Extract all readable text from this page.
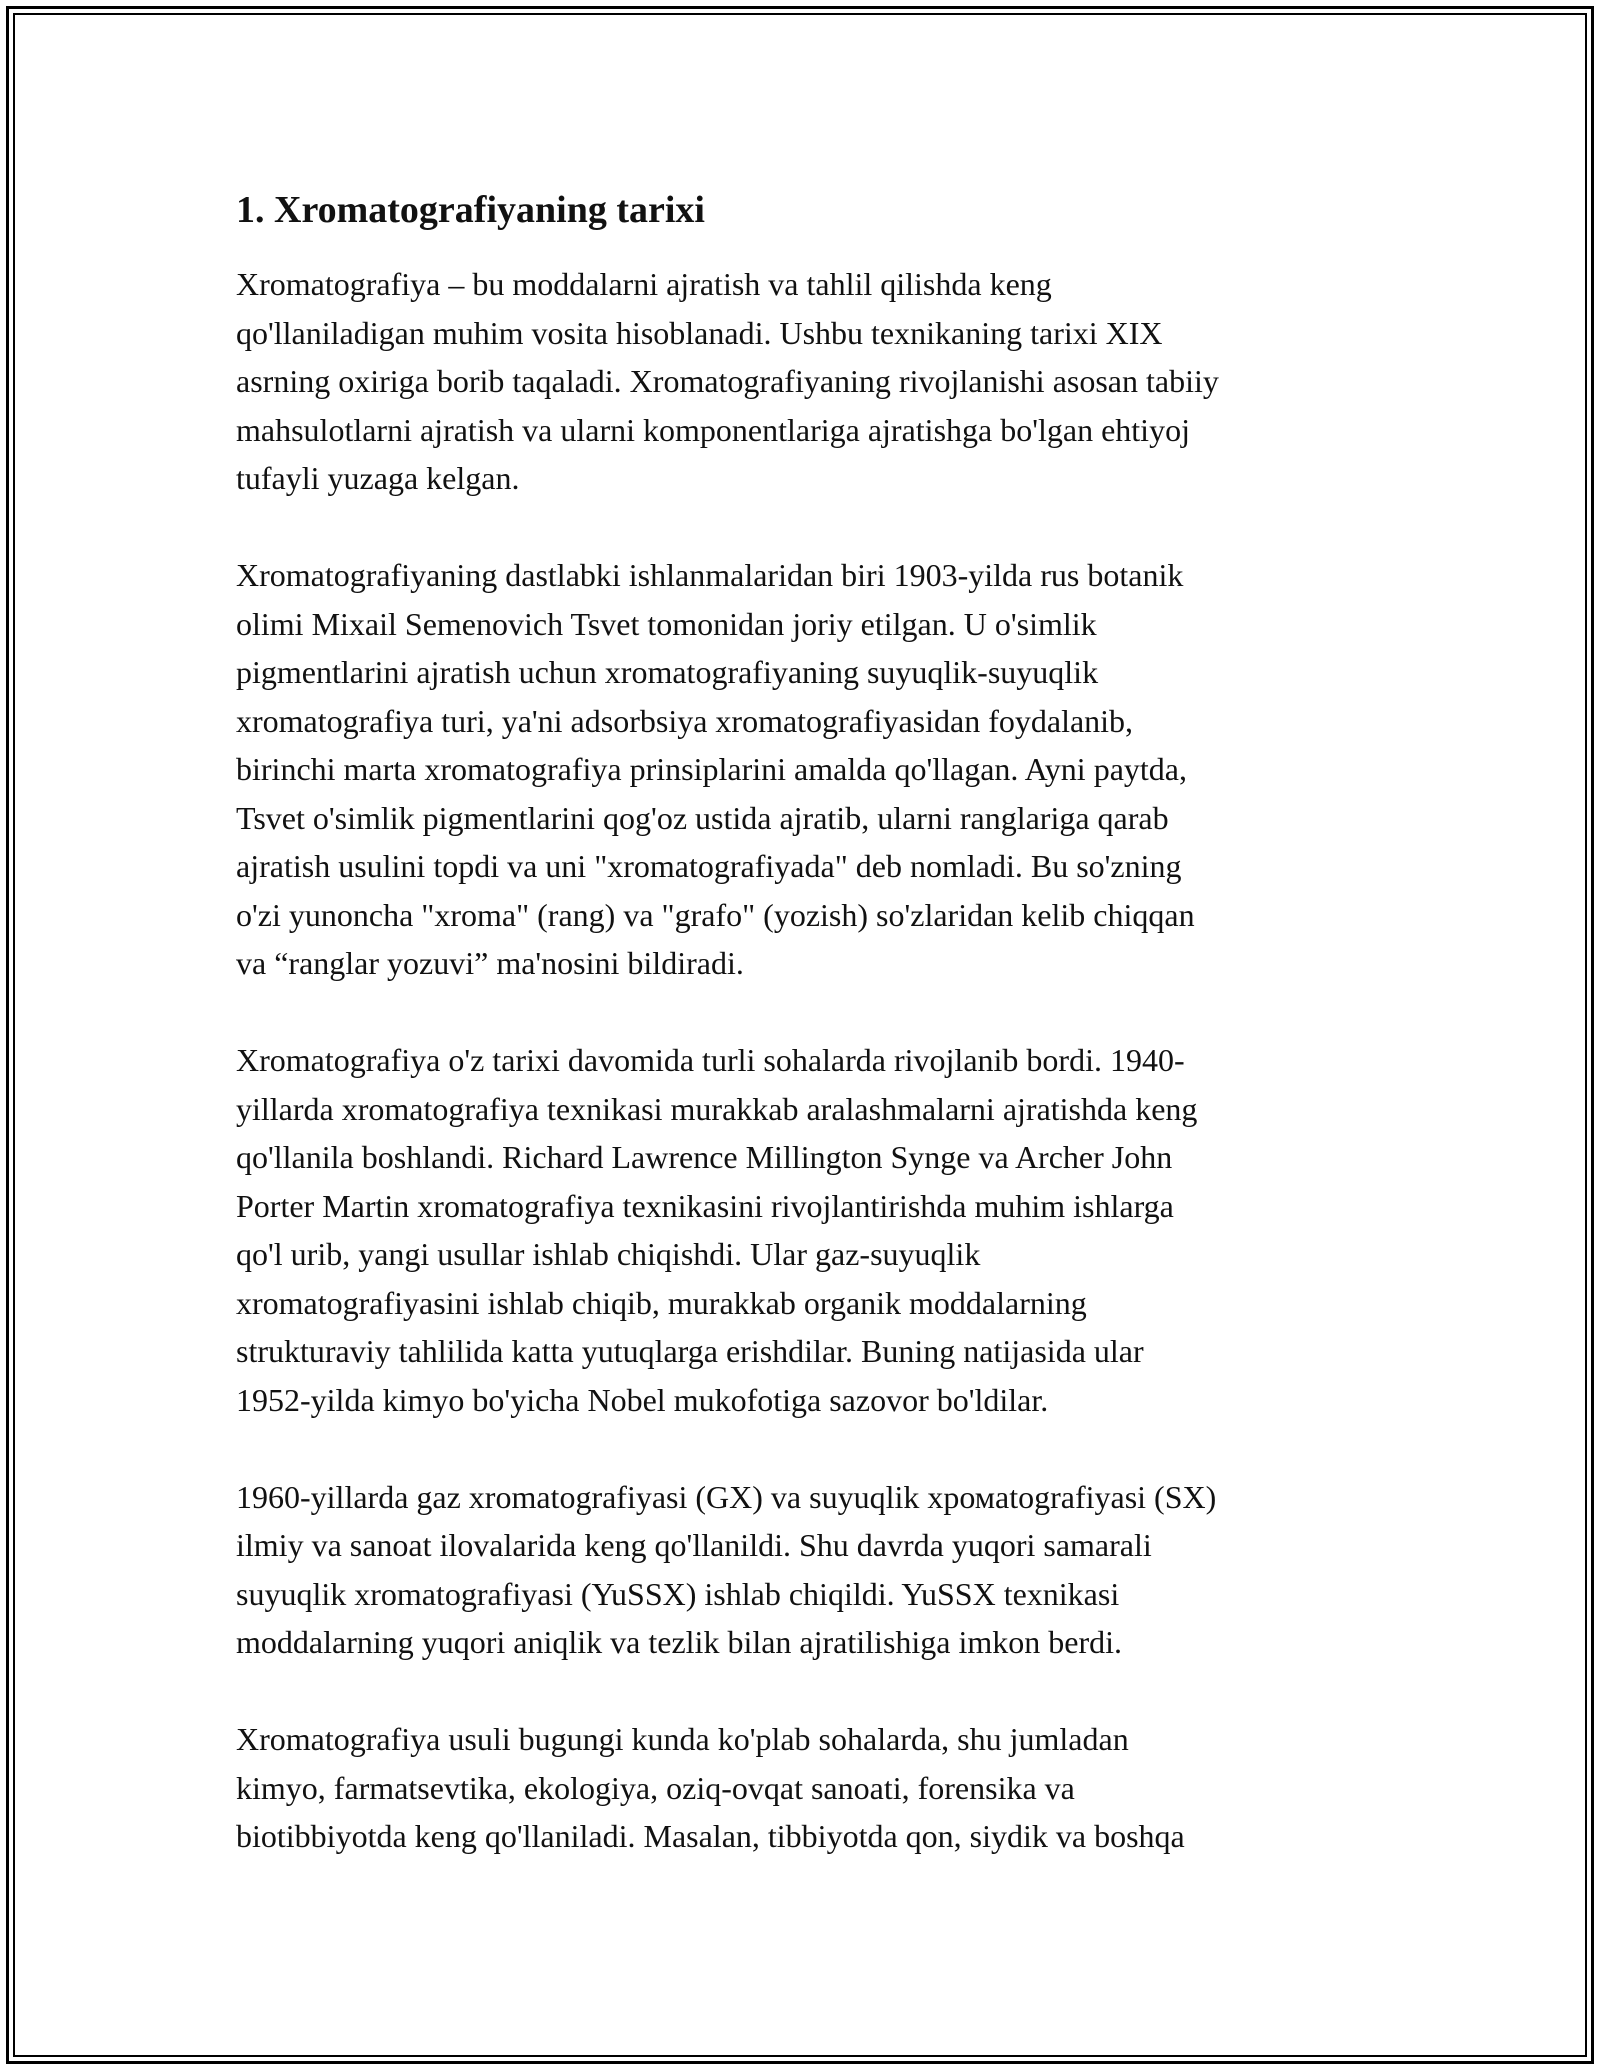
1. Xromatografiyaning tarixi

Xromatografiya – bu moddalarni ajratish va tahlil qilishda keng
qo'llaniladigan muhim vosita hisoblanadi. Ushbu texnikaning tarixi XIX
asrning oxiriga borib taqaladi. Xromatografiyaning rivojlanishi asosan tabiiy
mahsulotlarni ajratish va ularni komponentlariga ajratishga bo'lgan ehtiyoj
tufayli yuzaga kelgan.

Xromatografiyaning dastlabki ishlanmalaridan biri 1903-yilda rus botanik
olimi Mixail Semenovich Tsvet tomonidan joriy etilgan. U o'simlik
pigmentlarini ajratish uchun xromatografiyaning suyuqlik-suyuqlik
xromatografiya turi, ya'ni adsorbsiya xromatografiyasidan foydalanib,
birinchi marta xromatografiya prinsiplarini amalda qo'llagan. Ayni paytda,
Tsvet o'simlik pigmentlarini qog'oz ustida ajratib, ularni ranglariga qarab
ajratish usulini topdi va uni "xromatografiyada" deb nomladi. Bu so'zning
o'zi yunoncha "xroma" (rang) va "grafo" (yozish) so'zlaridan kelib chiqqan
va “ranglar yozuvi” ma'nosini bildiradi.

Xromatografiya o'z tarixi davomida turli sohalarda rivojlanib bordi. 1940-
yillarda xromatografiya texnikasi murakkab aralashmalarni ajratishda keng
qo'llanila boshlandi. Richard Lawrence Millington Synge va Archer John
Porter Martin xromatografiya texnikasini rivojlantirishda muhim ishlarga
qo'l urib, yangi usullar ishlab chiqishdi. Ular gaz-suyuqlik
xromatografiyasini ishlab chiqib, murakkab organik moddalarning
strukturaviy tahlilida katta yutuqlarga erishdilar. Buning natijasida ular
1952-yilda kimyo bo'yicha Nobel mukofotiga sazovor bo'ldilar.

1960-yillarda gaz xromatografiyasi (GX) va suyuqlik xромatografiyasi (SX)
ilmiy va sanoat ilovalarida keng qo'llanildi. Shu davrda yuqori samarali
suyuqlik xromatografiyasi (YuSSX) ishlab chiqildi. YuSSX texnikasi
moddalarning yuqori aniqlik va tezlik bilan ajratilishiga imkon berdi.

Xromatografiya usuli bugungi kunda ko'plab sohalarda, shu jumladan
kimyo, farmatsevtika, ekologiya, oziq-ovqat sanoati, forensika va
biotibbiyotda keng qo'llaniladi. Masalan, tibbiyotda qon, siydik va boshqa
